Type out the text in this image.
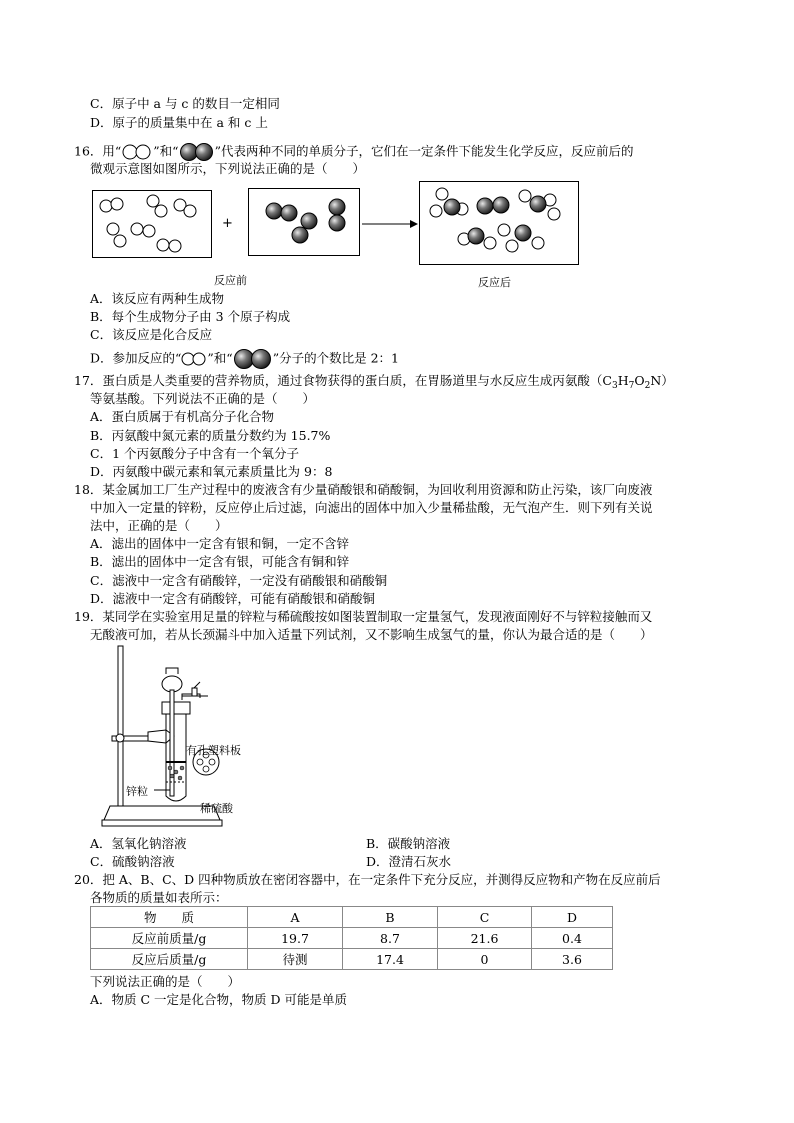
C．原子中 a 与 c 的数目一定相同
D．原子的质量集中在 a 和 c 上
16．用“	”和“	”代表两种不同的单质分子，它们在一定条件下能发生化学反应，反应前后的
微观示意图如图所示，下列说法正确的是（　　）
+
反应前	反应后
A．该反应有两种生成物
B．每个生成物分子由 3 个原子构成
C．该反应是化合反应
D．参加反应的“ ”和“	”分子的个数比是 2：1
17．蛋白质是人类重要的营养物质，通过食物获得的蛋白质，在胃肠道里与水反应生成丙氨酸$(C_3H_7O_2N)$
等氨基酸。下列说法不正确的是（　　）
A．蛋白质属于有机高分子化合物
B．丙氨酸中氮元素的质量分数约为 15.7%
C．1 个丙氨酸分子中含有一个氧分子
D．丙氨酸中碳元素和氧元素质量比为 9：8
18．某金属加工厂生产过程中的废液含有少量硝酸银和硝酸铜，为回收利用资源和防止污染，该厂向废液
中加入一定量的锌粉，反应停止后过滤，向滤出的固体中加入少量稀盐酸，无气泡产生．则下列有关说
法中，正确的是（　　）
A．滤出的固体中一定含有银和铜，一定不含锌
B．滤出的固体中一定含有银，可能含有铜和锌
C．滤液中一定含有硝酸锌，一定没有硝酸银和硝酸铜
D．滤液中一定含有硝酸锌，可能有硝酸银和硝酸铜
19．某同学在实验室用足量的锌粒与稀硫酸按如图装置制取一定量氢气，发现液面刚好不与锌粒接触而又
无酸液可加，若从长颈漏斗中加入适量下列试剂，又不影响生成氢气的量，你认为最合适的是（　　）
有孔塑料板
锌粒
稀硫酸
A．氢氧化钠溶液	B．碳酸钠溶液
C．硫酸钠溶液	D．澄清石灰水
20．把 A、B、C、D 四种物质放在密闭容器中，在一定条件下充分反应，并测得反应物和产物在反应前后
各物质的质量如表所示：
物　　质	A	B	C	D
反应前质量/g	19.7	8.7	21.6	0.4
反应后质量/g	待测	17.4	0	3.6
下列说法正确的是（　　）
A．物质 C 一定是化合物，物质 D 可能是单质
